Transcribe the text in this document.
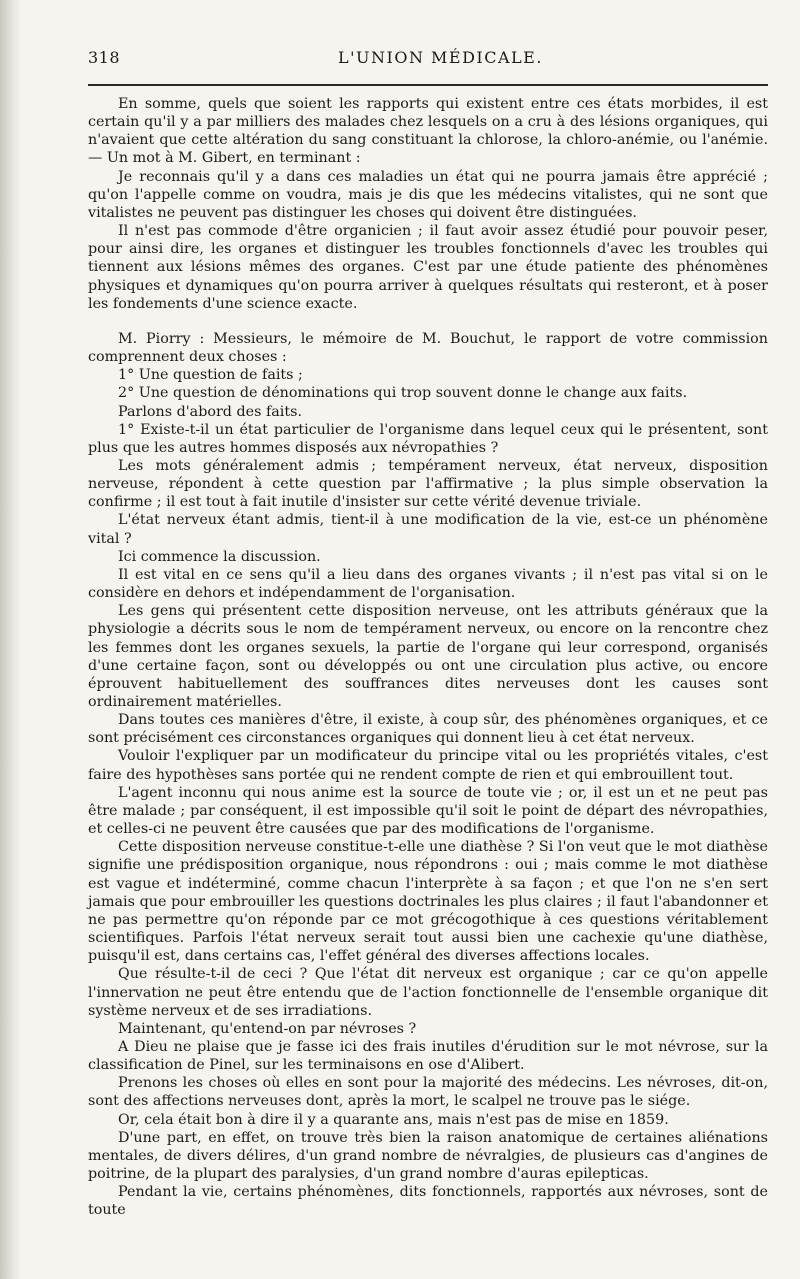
318	L'UNION MÉDICALE.

En somme, quels que soient les rapports qui existent entre ces états morbides, il est certain qu'il y a par milliers des malades chez lesquels on a cru à des lésions organiques, qui n'avaient que cette altération du sang constituant la chlorose, la chloro-anémie, ou l'anémie. — Un mot à M. Gibert, en terminant :

Je reconnais qu'il y a dans ces maladies un état qui ne pourra jamais être apprécié ; qu'on l'appelle comme on voudra, mais je dis que les médecins vitalistes, qui ne sont que vitalistes ne peuvent pas distinguer les choses qui doivent être distinguées.

Il n'est pas commode d'être organicien ; il faut avoir assez étudié pour pouvoir peser, pour ainsi dire, les organes et distinguer les troubles fonctionnels d'avec les troubles qui tiennent aux lésions mêmes des organes. C'est par une étude patiente des phénomènes physiques et dynamiques qu'on pourra arriver à quelques résultats qui resteront, et à poser les fondements d'une science exacte.

M. Piorry : Messieurs, le mémoire de M. Bouchut, le rapport de votre commission comprennent deux choses :

1° Une question de faits ;

2° Une question de dénominations qui trop souvent donne le change aux faits.

Parlons d'abord des faits.

1° Existe-t-il un état particulier de l'organisme dans lequel ceux qui le présentent, sont plus que les autres hommes disposés aux névropathies ?

Les mots généralement admis ; tempérament nerveux, état nerveux, disposition nerveuse, répondent à cette question par l'affirmative ; la plus simple observation la confirme ; il est tout à fait inutile d'insister sur cette vérité devenue triviale.

L'état nerveux étant admis, tient-il à une modification de la vie, est-ce un phénomène vital ?

Ici commence la discussion.

Il est vital en ce sens qu'il a lieu dans des organes vivants ; il n'est pas vital si on le considère en dehors et indépendamment de l'organisation.

Les gens qui présentent cette disposition nerveuse, ont les attributs généraux que la physiologie a décrits sous le nom de tempérament nerveux, ou encore on la rencontre chez les femmes dont les organes sexuels, la partie de l'organe qui leur correspond, organisés d'une certaine façon, sont ou développés ou ont une circulation plus active, ou encore éprouvent habituellement des souffrances dites nerveuses dont les causes sont ordinairement matérielles.

Dans toutes ces manières d'être, il existe, à coup sûr, des phénomènes organiques, et ce sont précisément ces circonstances organiques qui donnent lieu à cet état nerveux.

Vouloir l'expliquer par un modificateur du principe vital ou les propriétés vitales, c'est faire des hypothèses sans portée qui ne rendent compte de rien et qui embrouillent tout.

L'agent inconnu qui nous anime est la source de toute vie ; or, il est un et ne peut pas être malade ; par conséquent, il est impossible qu'il soit le point de départ des névropathies, et celles-ci ne peuvent être causées que par des modifications de l'organisme.

Cette disposition nerveuse constitue-t-elle une diathèse ? Si l'on veut que le mot diathèse signifie une prédisposition organique, nous répondrons : oui ; mais comme le mot diathèse est vague et indéterminé, comme chacun l'interprète à sa façon ; et que l'on ne s'en sert jamais que pour embrouiller les questions doctrinales les plus claires ; il faut l'abandonner et ne pas permettre qu'on réponde par ce mot grécogothique à ces questions véritablement scientifiques. Parfois l'état nerveux serait tout aussi bien une cachexie qu'une diathèse, puisqu'il est, dans certains cas, l'effet général des diverses affections locales.

Que résulte-t-il de ceci ? Que l'état dit nerveux est organique ; car ce qu'on appelle l'innervation ne peut être entendu que de l'action fonctionnelle de l'ensemble organique dit système nerveux et de ses irradiations.

Maintenant, qu'entend-on par névroses ?

A Dieu ne plaise que je fasse ici des frais inutiles d'érudition sur le mot névrose, sur la classification de Pinel, sur les terminaisons en ose d'Alibert.

Prenons les choses où elles en sont pour la majorité des médecins. Les névroses, dit-on, sont des affections nerveuses dont, après la mort, le scalpel ne trouve pas le siége.

Or, cela était bon à dire il y a quarante ans, mais n'est pas de mise en 1859.

D'une part, en effet, on trouve très bien la raison anatomique de certaines aliénations mentales, de divers délires, d'un grand nombre de névralgies, de plusieurs cas d'angines de poitrine, de la plupart des paralysies, d'un grand nombre d'auras epilepticas.

Pendant la vie, certains phénomènes, dits fonctionnels, rapportés aux névroses, sont de toute
